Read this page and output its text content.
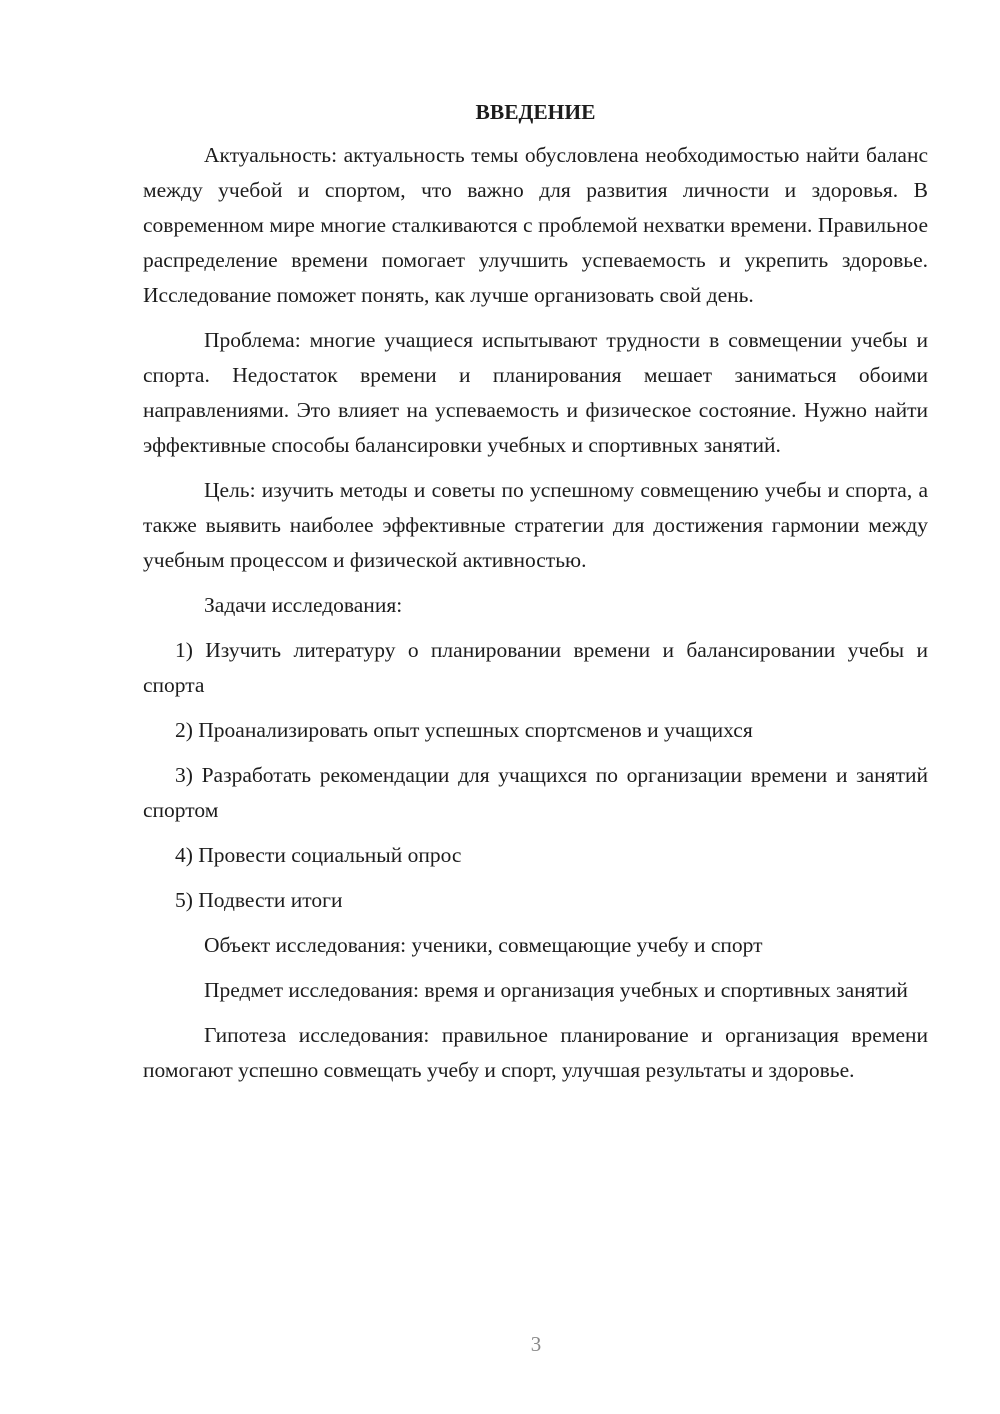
ВВЕДЕНИЕ

Актуальность: актуальность темы обусловлена необходимостью найти баланс между учебой и спортом, что важно для развития личности и здоровья. В современном мире многие сталкиваются с проблемой нехватки времени. Правильное распределение времени помогает улучшить успеваемость и укрепить здоровье. Исследование поможет понять, как лучше организовать свой день.

Проблема: многие учащиеся испытывают трудности в совмещении учебы и спорта. Недостаток времени и планирования мешает заниматься обоими направлениями. Это влияет на успеваемость и физическое состояние. Нужно найти эффективные способы балансировки учебных и спортивных занятий.

Цель: изучить методы и советы по успешному совмещению учебы и спорта, а также выявить наиболее эффективные стратегии для достижения гармонии между учебным процессом и физической активностью.

Задачи исследования:

1) Изучить литературу о планировании времени и балансировании учебы и спорта

2) Проанализировать опыт успешных спортсменов и учащихся

3) Разработать рекомендации для учащихся по организации времени и занятий спортом

4) Провести социальный опрос

5) Подвести итоги

Объект исследования: ученики, совмещающие учебу и спорт

Предмет исследования: время и организация учебных и спортивных занятий

Гипотеза исследования: правильное планирование и организация времени помогают успешно совмещать учебу и спорт, улучшая результаты и здоровье.

3
